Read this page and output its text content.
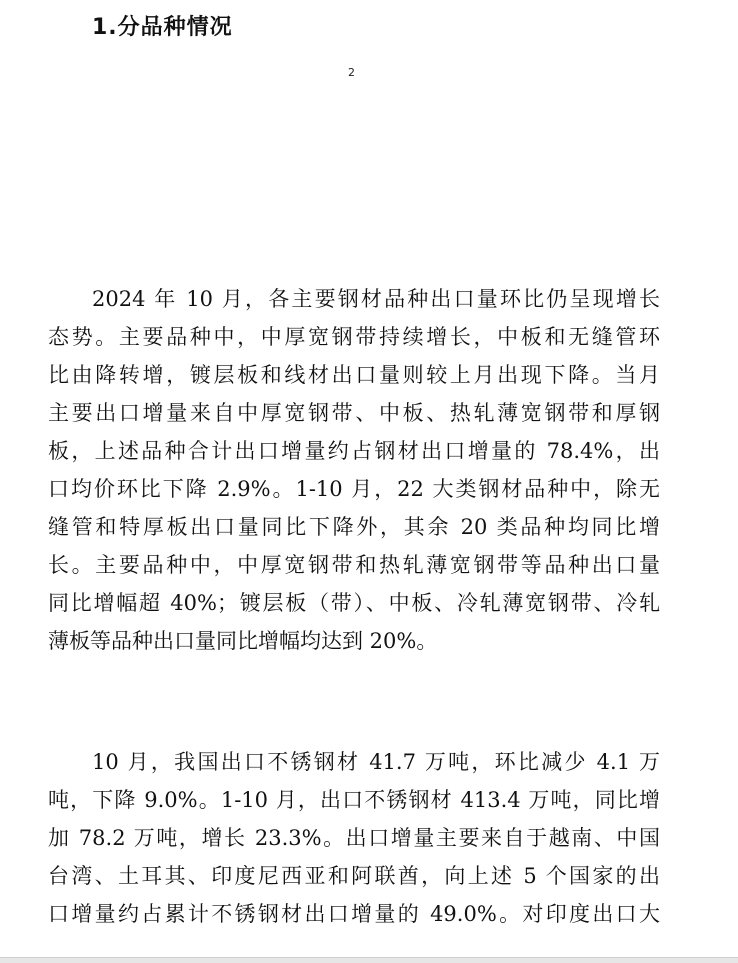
1.分品种情况
2
2024 年 10 月，各主要钢材品种出口量环比仍呈现增长
态势。主要品种中，中厚宽钢带持续增长，中板和无缝管环
比由降转增，镀层板和线材出口量则较上月出现下降。当月
主要出口增量来自中厚宽钢带、中板、热轧薄宽钢带和厚钢
板，上述品种合计出口增量约占钢材出口增量的 78.4%，出
口均价环比下降 2.9%。1-10 月，22 大类钢材品种中，除无
缝管和特厚板出口量同比下降外，其余 20 类品种均同比增
长。主要品种中，中厚宽钢带和热轧薄宽钢带等品种出口量
同比增幅超 40%；镀层板（带）、中板、冷轧薄宽钢带、冷轧
薄板等品种出口量同比增幅均达到 20%。
10 月，我国出口不锈钢材 41.7 万吨，环比减少 4.1 万
吨，下降 9.0%。1-10 月，出口不锈钢材 413.4 万吨，同比增
加 78.2 万吨，增长 23.3%。出口增量主要来自于越南、中国
台湾、土耳其、印度尼西亚和阿联酋，向上述 5 个国家的出
口增量约占累计不锈钢材出口增量的 49.0%。对印度出口大
